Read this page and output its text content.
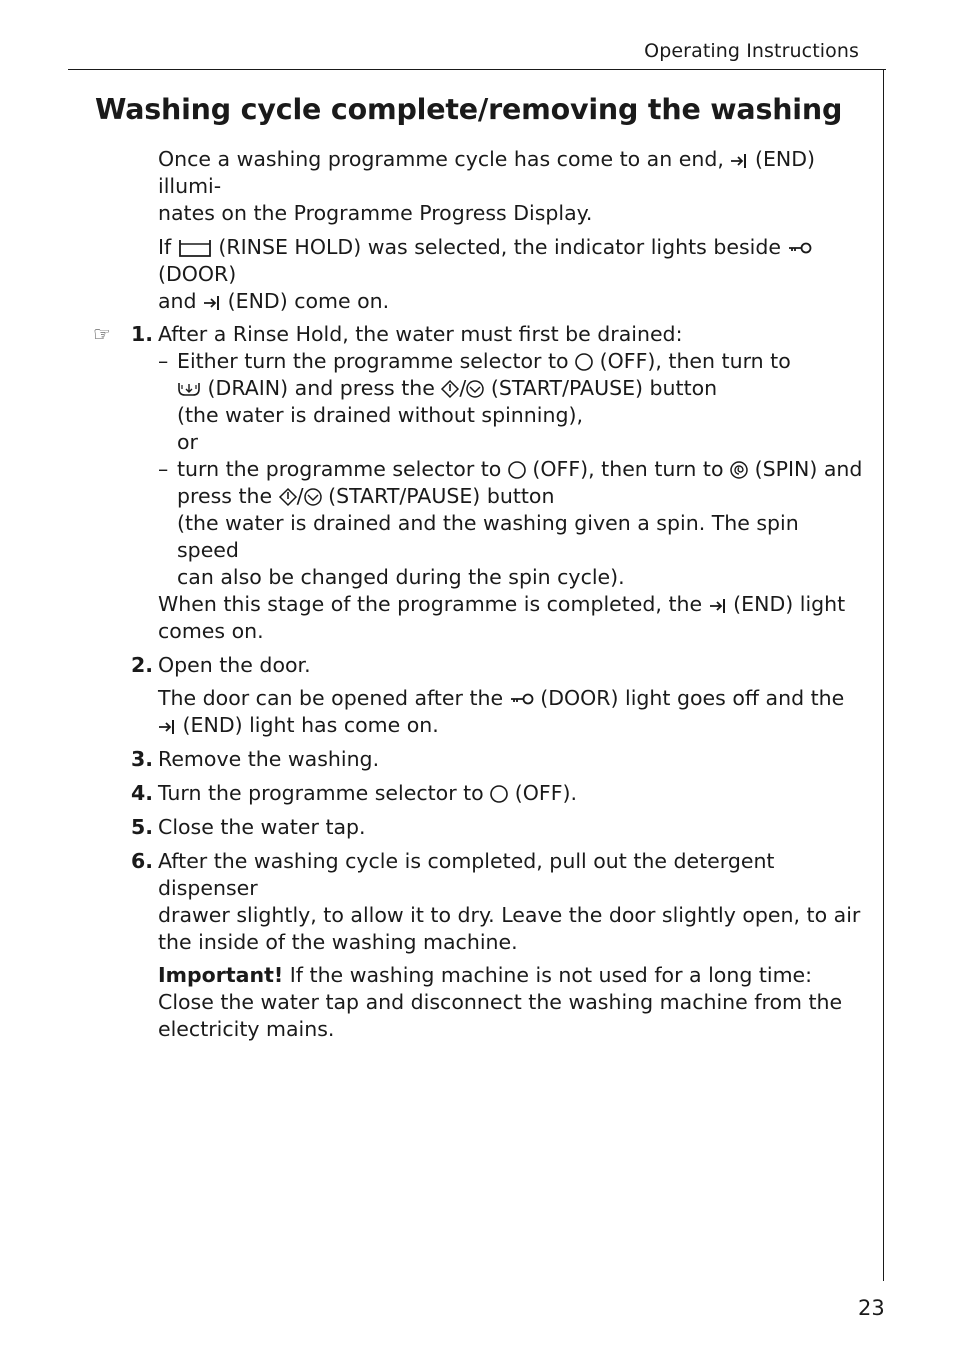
Operating Instructions
Washing cycle complete/removing the washing

Once a washing programme cycle has come to an end, (END) illumi-
nates on the Programme Progress Display.

If (RINSE HOLD) was selected, the indicator lights beside
(DOOR)
and (END) come on.

☞ 1. After a Rinse Hold, the water must first be drained:

– Either turn the programme selector to (OFF), then turn to

(DRAIN) and press the / (START/PAUSE) button

(the water is drained without spinning),

or

– turn the programme selector to (OFF), then turn to (SPIN) and
press the / (START/PAUSE) button

(the water is drained and the washing given a spin. The spin speed
can also be changed during the spin cycle).

When this stage of the programme is completed, the (END) light
comes on.

2. Open the door.

The door can be opened after the (DOOR) light goes off and the

(END) light has come on.

3. Remove the washing.

4. Turn the programme selector to (OFF).

5. Close the water tap.

6. After the washing cycle is completed, pull out the detergent dispenser
drawer slightly, to allow it to dry. Leave the door slightly open, to air
the inside of the washing machine.

Important! If the washing machine is not used for a long time:
Close the water tap and disconnect the washing machine from the
electricity mains.

23
